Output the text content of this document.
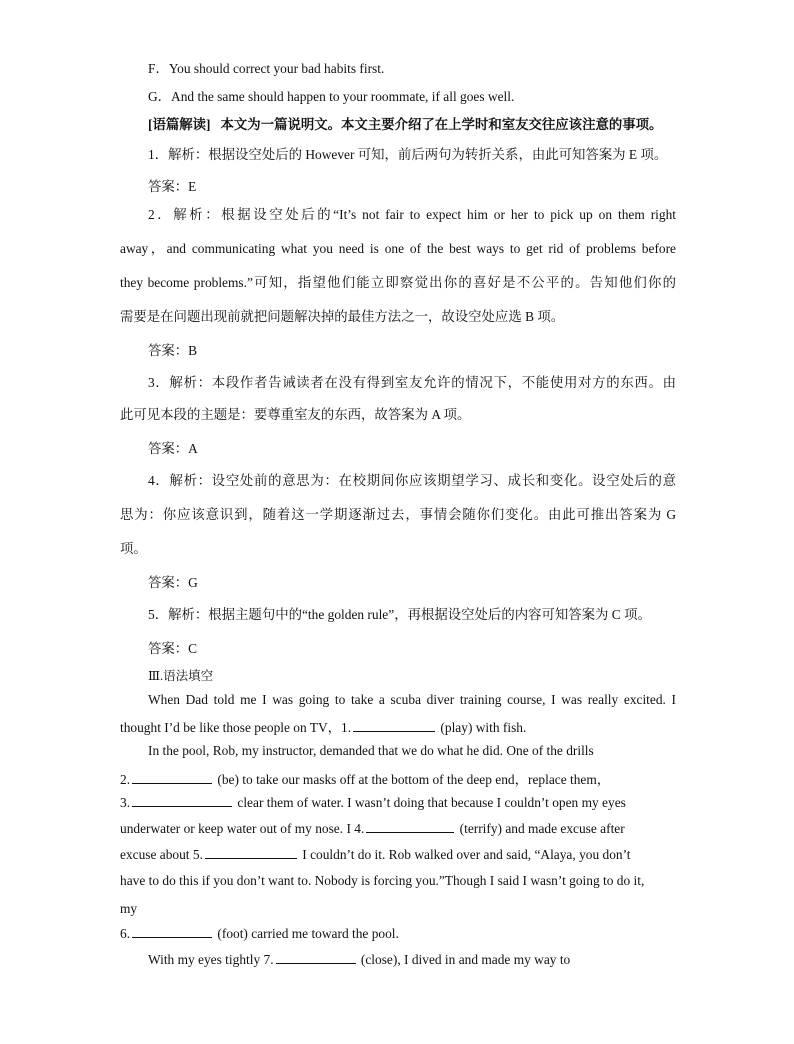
F．You should correct your bad habits first.
G．And the same should happen to your roommate, if all goes well.
[语篇解读] 本文为一篇说明文。本文主要介绍了在上学时和室友交往应该注意的事项。
1．解析：根据设空处后的 However 可知，前后两句为转折关系，由此可知答案为 E 项。
答案：E
2．解析：根据设空处后的“It’s not fair to expect him or her to pick up on them right
away，and communicating what you need is one of the best ways to get rid of problems before
they become problems.”可知，指望他们能立即察觉出你的喜好是不公平的。告知他们你的
需要是在问题出现前就把问题解决掉的最佳方法之一，故设空处应选 B 项。
答案：B
3．解析：本段作者告诫读者在没有得到室友允许的情况下，不能使用对方的东西。由
此可见本段的主题是：要尊重室友的东西，故答案为 A 项。
答案：A
4．解析：设空处前的意思为：在校期间你应该期望学习、成长和变化。设空处后的意
思为：你应该意识到，随着这一学期逐渐过去，事情会随你们变化。由此可推出答案为 G
项。
答案：G
5．解析：根据主题句中的“the golden rule”，再根据设空处后的内容可知答案为 C 项。
答案：C
Ⅲ.语法填空
When Dad told me I was going to take a scuba diver training course, I was really excited. I
thought I’d be like those people on TV，1.	(play) with fish.
In the pool, Rob, my instructor, demanded that we do what he did. One of the drills
2.	(be) to take our masks off at the bottom of the deep end，replace them，
3.	clear them of water. I wasn’t doing that because I couldn’t open my eyes
underwater or keep water out of my nose. I 4.	(terrify) and made excuse after
excuse about 5.	I couldn’t do it. Rob walked over and said, “Alaya, you don’t
have to do this if you don’t want to. Nobody is forcing you.”Though I said I wasn’t going to do it,
my
6.	(foot) carried me toward the pool.
With my eyes tightly 7.	(close), I dived in and made my way to
